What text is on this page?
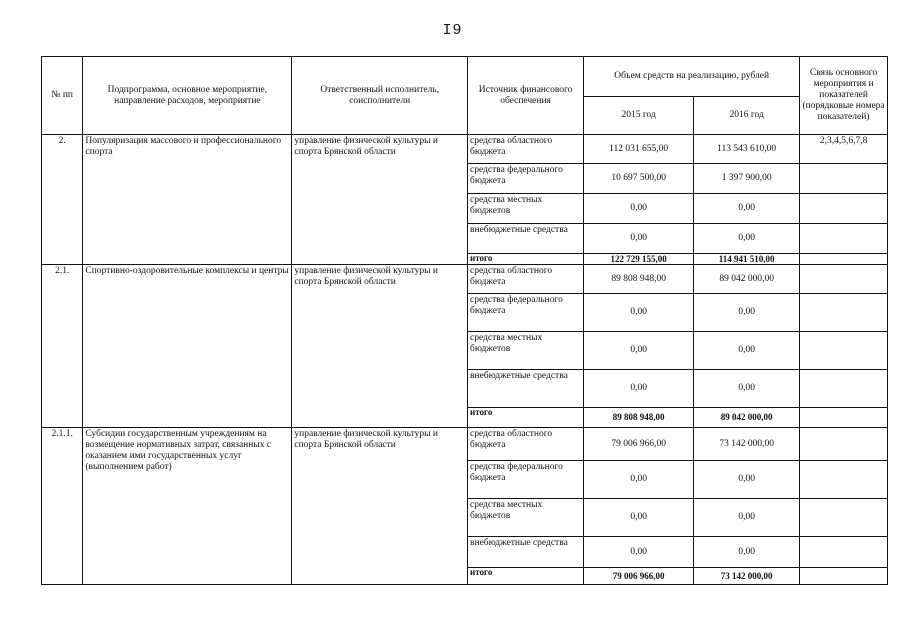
I9
№ пп	Подпрограмма, основное мероприятие, направление расходов, мероприятие	Ответственный исполнитель, соисполнители	Источник финансового обеспечения	Объем средств на реализацию, рублей		Связь основного мероприятия и показателей (порядковые номера показателей)
				2015 год	2016 год	
2.	Популяризация массового и профессионального спорта	управление физической культуры и спорта Брянской области	средства областного бюджета	112 031 655,00	113 543 610,00	2,3,4,5,6,7,8
			средства федерального бюджета	10 697 500,00	1 397 900,00	
			средства местных бюджетов	0,00	0,00	
			внебюджетные средства	0,00	0,00	
			итого	122 729 155,00	114 941 510,00	
2.1.	Спортивно-оздоровительные комплексы и центры	управление физической культуры и спорта Брянской области	средства областного бюджета	89 808 948,00	89 042 000,00	
			средства федерального бюджета	0,00	0,00	
			средства местных бюджетов	0,00	0,00	
			внебюджетные средства	0,00	0,00	
			итого	89 808 948,00	89 042 000,00	
2.1.1.	Субсидии государственным учреждениям на возмещение нормативных затрат, связанных с оказанием ими государственных услуг (выполнением работ)	управление физической культуры и спорта Брянской области	средства областного бюджета	79 006 966,00	73 142 000,00	
			средства федерального бюджета	0,00	0,00	
			средства местных бюджетов	0,00	0,00	
			внебюджетные средства	0,00	0,00	
			итого	79 006 966,00	73 142 000,00	
